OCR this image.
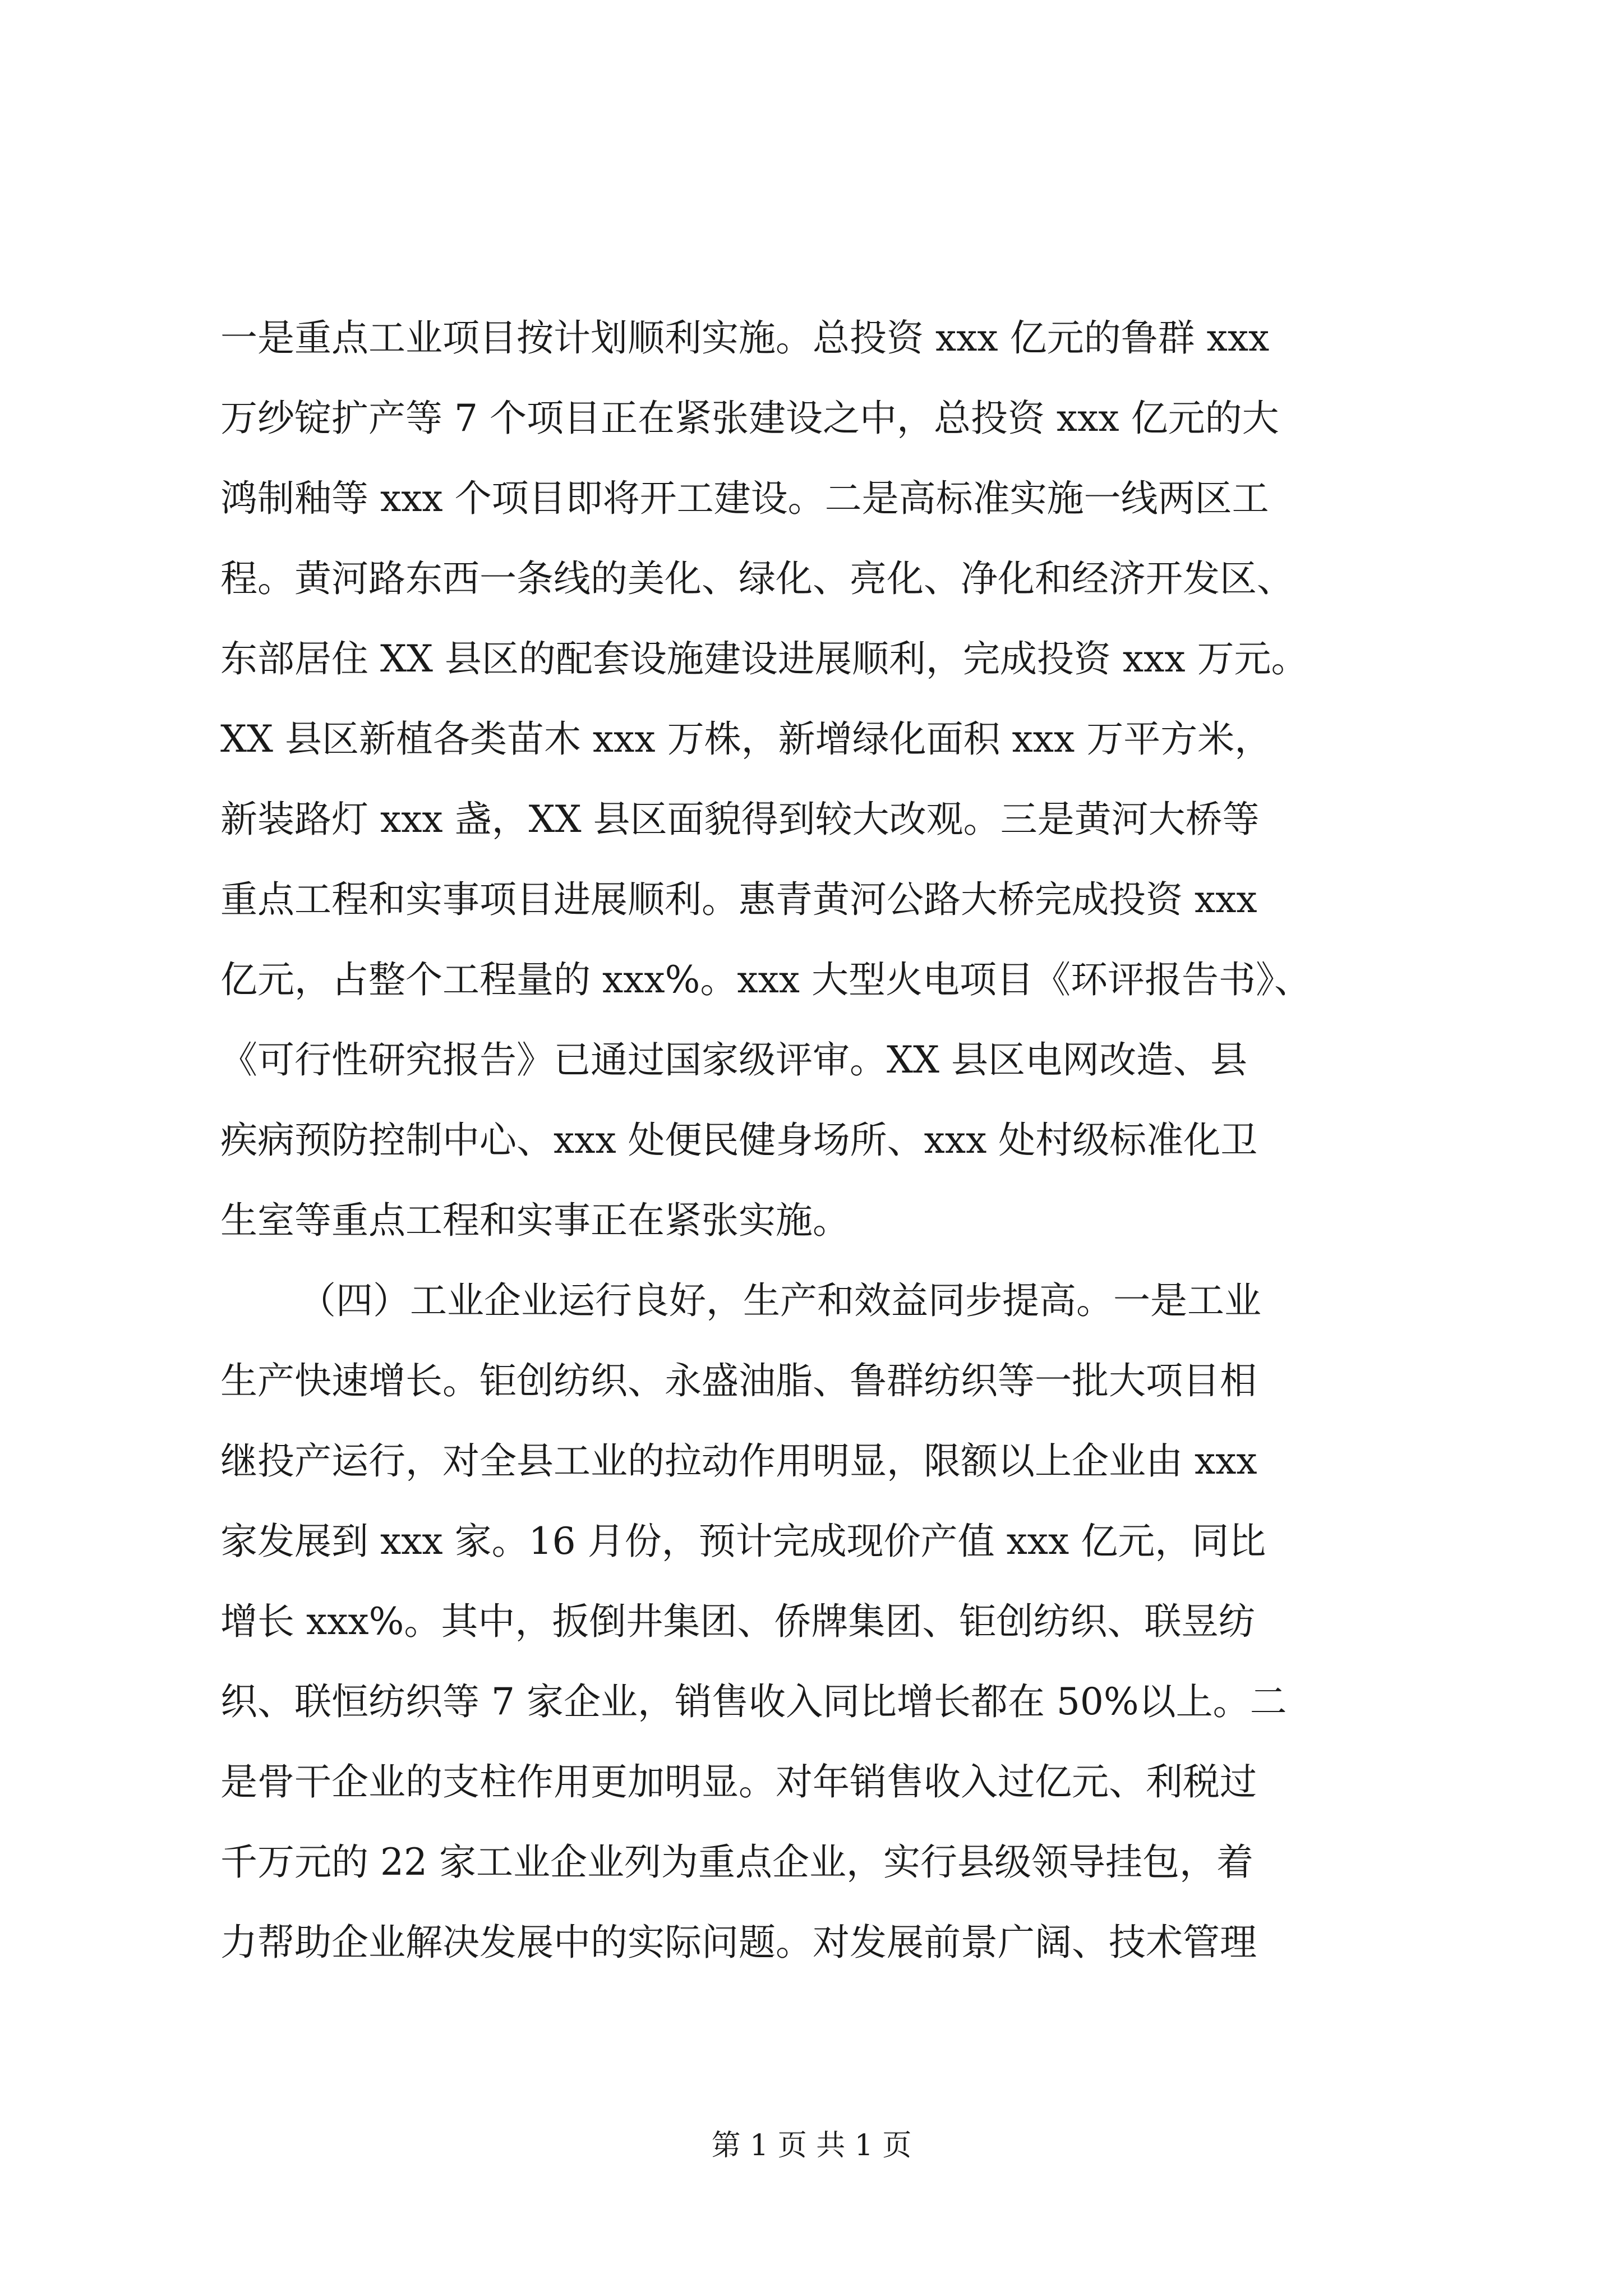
一是重点工业项目按计划顺利实施。总投资 xxx 亿元的鲁群 xxx
万纱锭扩产等 7 个项目正在紧张建设之中，总投资 xxx 亿元的大
鸿制釉等 xxx 个项目即将开工建设。二是高标准实施一线两区工
程。黄河路东西一条线的美化、绿化、亮化、净化和经济开发区、
东部居住 XX 县区的配套设施建设进展顺利，完成投资 xxx 万元。
XX 县区新植各类苗木 xxx 万株，新增绿化面积 xxx 万平方米，
新装路灯 xxx 盏，XX 县区面貌得到较大改观。三是黄河大桥等
重点工程和实事项目进展顺利。惠青黄河公路大桥完成投资 xxx
亿元，占整个工程量的 xxx%。xxx 大型火电项目《环评报告书》、
《可行性研究报告》已通过国家级评审。XX 县区电网改造、县
疾病预防控制中心、xxx 处便民健身场所、xxx 处村级标准化卫
生室等重点工程和实事正在紧张实施。
（四）工业企业运行良好，生产和效益同步提高。一是工业
生产快速增长。钜创纺织、永盛油脂、鲁群纺织等一批大项目相
继投产运行，对全县工业的拉动作用明显，限额以上企业由 xxx
家发展到 xxx 家。16 月份，预计完成现价产值 xxx 亿元，同比
增长 xxx%。其中，扳倒井集团、侨牌集团、钜创纺织、联昱纺
织、联恒纺织等 7 家企业，销售收入同比增长都在 50%以上。二
是骨干企业的支柱作用更加明显。对年销售收入过亿元、利税过
千万元的 22 家工业企业列为重点企业，实行县级领导挂包，着
力帮助企业解决发展中的实际问题。对发展前景广阔、技术管理
第 1 页 共 1 页
